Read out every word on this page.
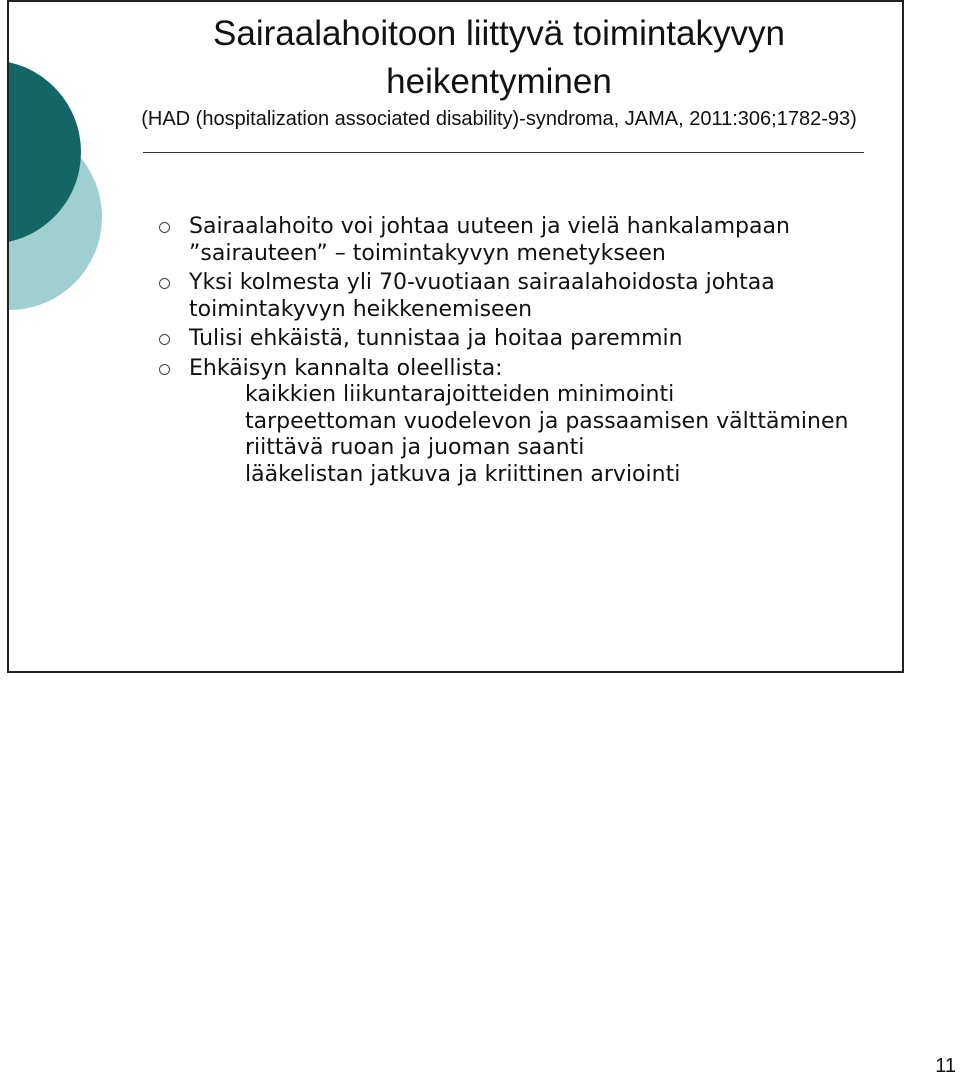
Sairaalahoitoon liittyvä toimintakyvyn heikentyminen
(HAD (hospitalization associated disability)-syndroma, JAMA, 2011:306;1782-93)
Sairaalahoito voi johtaa uuteen ja vielä hankalampaan ”sairauteen” – toimintakyvyn menetykseen
Yksi kolmesta yli 70-vuotiaan sairaalahoidosta johtaa toimintakyvyn heikkenemiseen
Tulisi ehkäistä, tunnistaa ja hoitaa paremmin
Ehkäisyn kannalta oleellista:
kaikkien liikuntarajoitteiden minimointi
tarpeettoman vuodelevon ja passaamisen välttäminen
riittävä ruoan ja juoman saanti
lääkelistan jatkuva ja kriittinen arviointi
11
